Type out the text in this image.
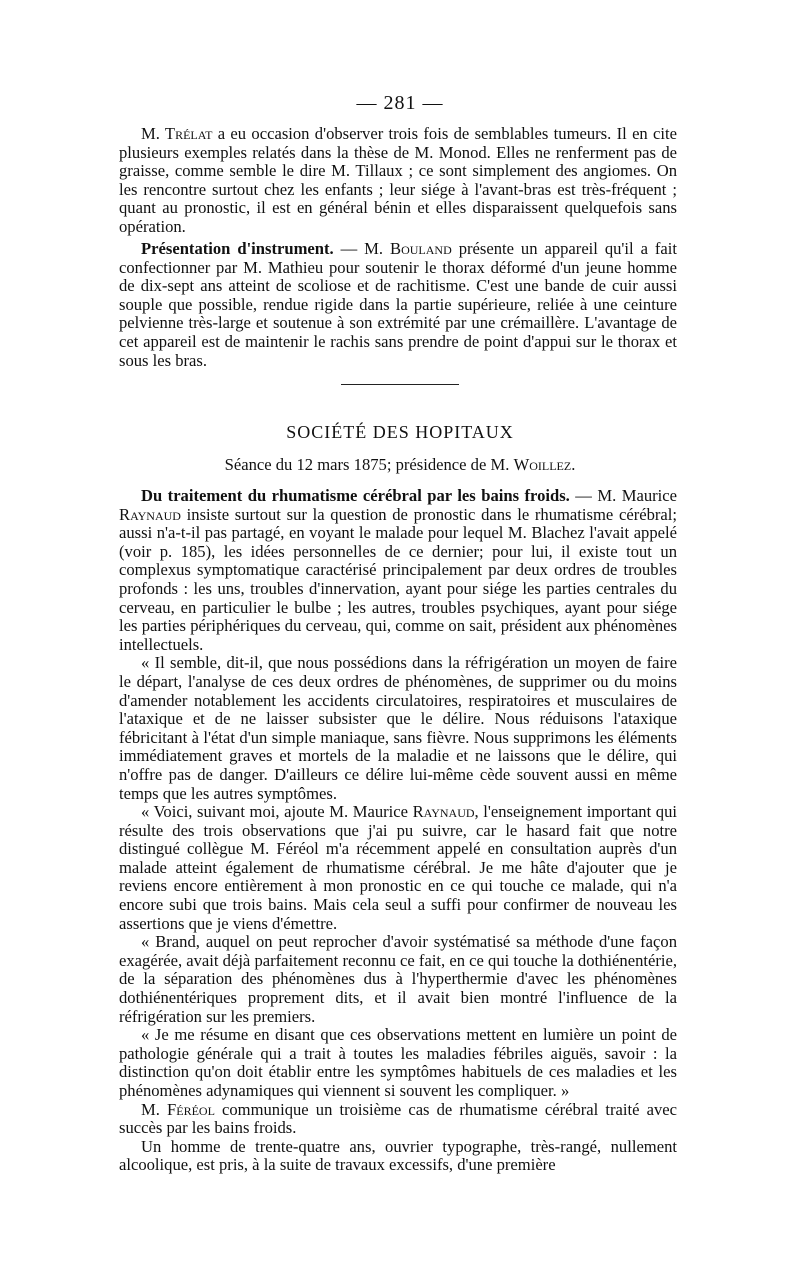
— 281 —

M. Trélat a eu occasion d'observer trois fois de semblables tumeurs. Il en cite plusieurs exemples relatés dans la thèse de M. Monod. Elles ne renferment pas de graisse, comme semble le dire M. Tillaux ; ce sont simplement des angiomes. On les rencontre surtout chez les enfants ; leur siége à l'avant-bras est très-fréquent ; quant au pronostic, il est en général bénin et elles disparaissent quelquefois sans opération.

Présentation d'instrument. — M. Bouland présente un appareil qu'il a fait confectionner par M. Mathieu pour soutenir le thorax déformé d'un jeune homme de dix-sept ans atteint de scoliose et de rachitisme. C'est une bande de cuir aussi souple que possible, rendue rigide dans la partie supérieure, reliée à une ceinture pelvienne très-large et soutenue à son extrémité par une crémaillère. L'avantage de cet appareil est de maintenir le rachis sans prendre de point d'appui sur le thorax et sous les bras.

SOCIÉTÉ DES HOPITAUX
Séance du 12 mars 1875; présidence de M. Woillez.

Du traitement du rhumatisme cérébral par les bains froids. — M. Maurice Raynaud insiste surtout sur la question de pronostic dans le rhumatisme cérébral; aussi n'a-t-il pas partagé, en voyant le malade pour lequel M. Blachez l'avait appelé (voir p. 185), les idées personnelles de ce dernier; pour lui, il existe tout un complexus symptomatique caractérisé principalement par deux ordres de troubles profonds : les uns, troubles d'innervation, ayant pour siége les parties centrales du cerveau, en particulier le bulbe ; les autres, troubles psychiques, ayant pour siége les parties périphériques du cerveau, qui, comme on sait, président aux phénomènes intellectuels.

« Il semble, dit-il, que nous possédions dans la réfrigération un moyen de faire le départ, l'analyse de ces deux ordres de phénomènes, de supprimer ou du moins d'amender notablement les accidents circulatoires, respiratoires et musculaires de l'ataxique et de ne laisser subsister que le délire. Nous réduisons l'ataxique fébricitant à l'état d'un simple maniaque, sans fièvre. Nous supprimons les éléments immédiatement graves et mortels de la maladie et ne laissons que le délire, qui n'offre pas de danger. D'ailleurs ce délire lui-même cède souvent aussi en même temps que les autres symptômes.

« Voici, suivant moi, ajoute M. Maurice Raynaud, l'enseignement important qui résulte des trois observations que j'ai pu suivre, car le hasard fait que notre distingué collègue M. Féréol m'a récemment appelé en consultation auprès d'un malade atteint également de rhumatisme cérébral. Je me hâte d'ajouter que je reviens encore entièrement à mon pronostic en ce qui touche ce malade, qui n'a encore subi que trois bains. Mais cela seul a suffi pour confirmer de nouveau les assertions que je viens d'émettre.

« Brand, auquel on peut reprocher d'avoir systématisé sa méthode d'une façon exagérée, avait déjà parfaitement reconnu ce fait, en ce qui touche la dothiénentérie, de la séparation des phénomènes dus à l'hyperthermie d'avec les phénomènes dothiénentériques proprement dits, et il avait bien montré l'influence de la réfrigération sur les premiers.

« Je me résume en disant que ces observations mettent en lumière un point de pathologie générale qui a trait à toutes les maladies fébriles aiguës, savoir : la distinction qu'on doit établir entre les symptômes habituels de ces maladies et les phénomènes adynamiques qui viennent si souvent les compliquer. »

M. Féréol communique un troisième cas de rhumatisme cérébral traité avec succès par les bains froids.

Un homme de trente-quatre ans, ouvrier typographe, très-rangé, nullement alcoolique, est pris, à la suite de travaux excessifs, d'une première
